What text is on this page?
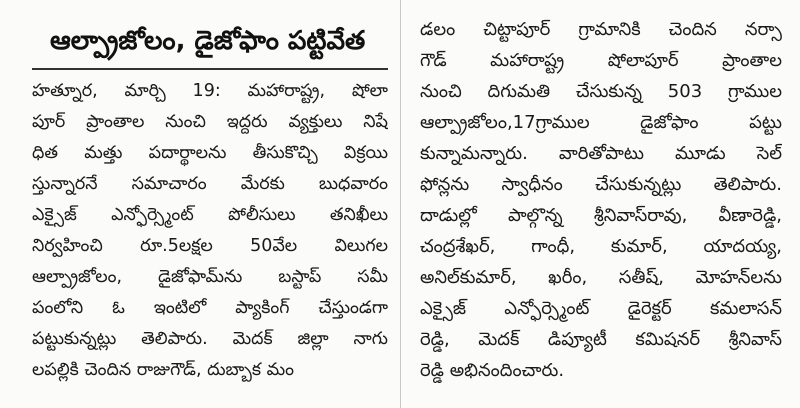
ఆల్ప్రాజోలం, డైజోఫాం పట్టివేత
హత్నూర, మార్చి 19: మహారాష్ట్ర, షోలా
పూర్ ప్రాంతాల నుంచి ఇద్దరు వ్యక్తులు నిషే
ధిత మత్తు పదార్థాలను తీసుకొచ్చి విక్రయి
స్తున్నారనే సమాచారం మేరకు బుధవారం
ఎక్సైజ్ ఎన్ఫోర్స్మెంట్ పోలీసులు తనిఖీలు
నిర్వహించి రూ.5లక్షల 50వేల విలుగల
ఆల్ప్రాజోలం, డైజోఫామ్‌ను బస్టాప్ సమీ
పంలోని ఓ ఇంటిలో ప్యాకింగ్ చేస్తుండగా
పట్టుకున్నట్లు తెలిపారు. మెదక్ జిల్లా నాగు
లపల్లికి చెందిన రాజుగౌడ్, దుబ్బాక మం
డలం చిట్టాపూర్ గ్రామానికి చెందిన నర్సా
గౌడ్ మహారాష్ట్ర షోలాపూర్ ప్రాంతాల
నుంచి దిగుమతి చేసుకున్న 503 గ్రాముల
ఆల్ప్రాజోలం,17గ్రాముల డైజోఫాం పట్టు
కున్నామన్నారు. వారితోపాటు మూడు సెల్
ఫోన్లను స్వాధీనం చేసుకున్నట్లు తెలిపారు.
దాడుల్లో పాల్గొన్న శ్రీనివాస్‌రావు, వీణారెడ్డి,
చంద్రశేఖర్, గాంధీ, కుమార్, యాదయ్య,
అనిల్‌కుమార్, ఖరీం, సతీష్, మోహన్‌లను
ఎక్సైజ్ ఎన్ఫోర్స్మెంట్ డైరెక్టర్ కమలాసన్
రెడ్డి, మెదక్ డిప్యూటీ కమిషనర్ శ్రీనివాస్
రెడ్డి అభినందించారు.
